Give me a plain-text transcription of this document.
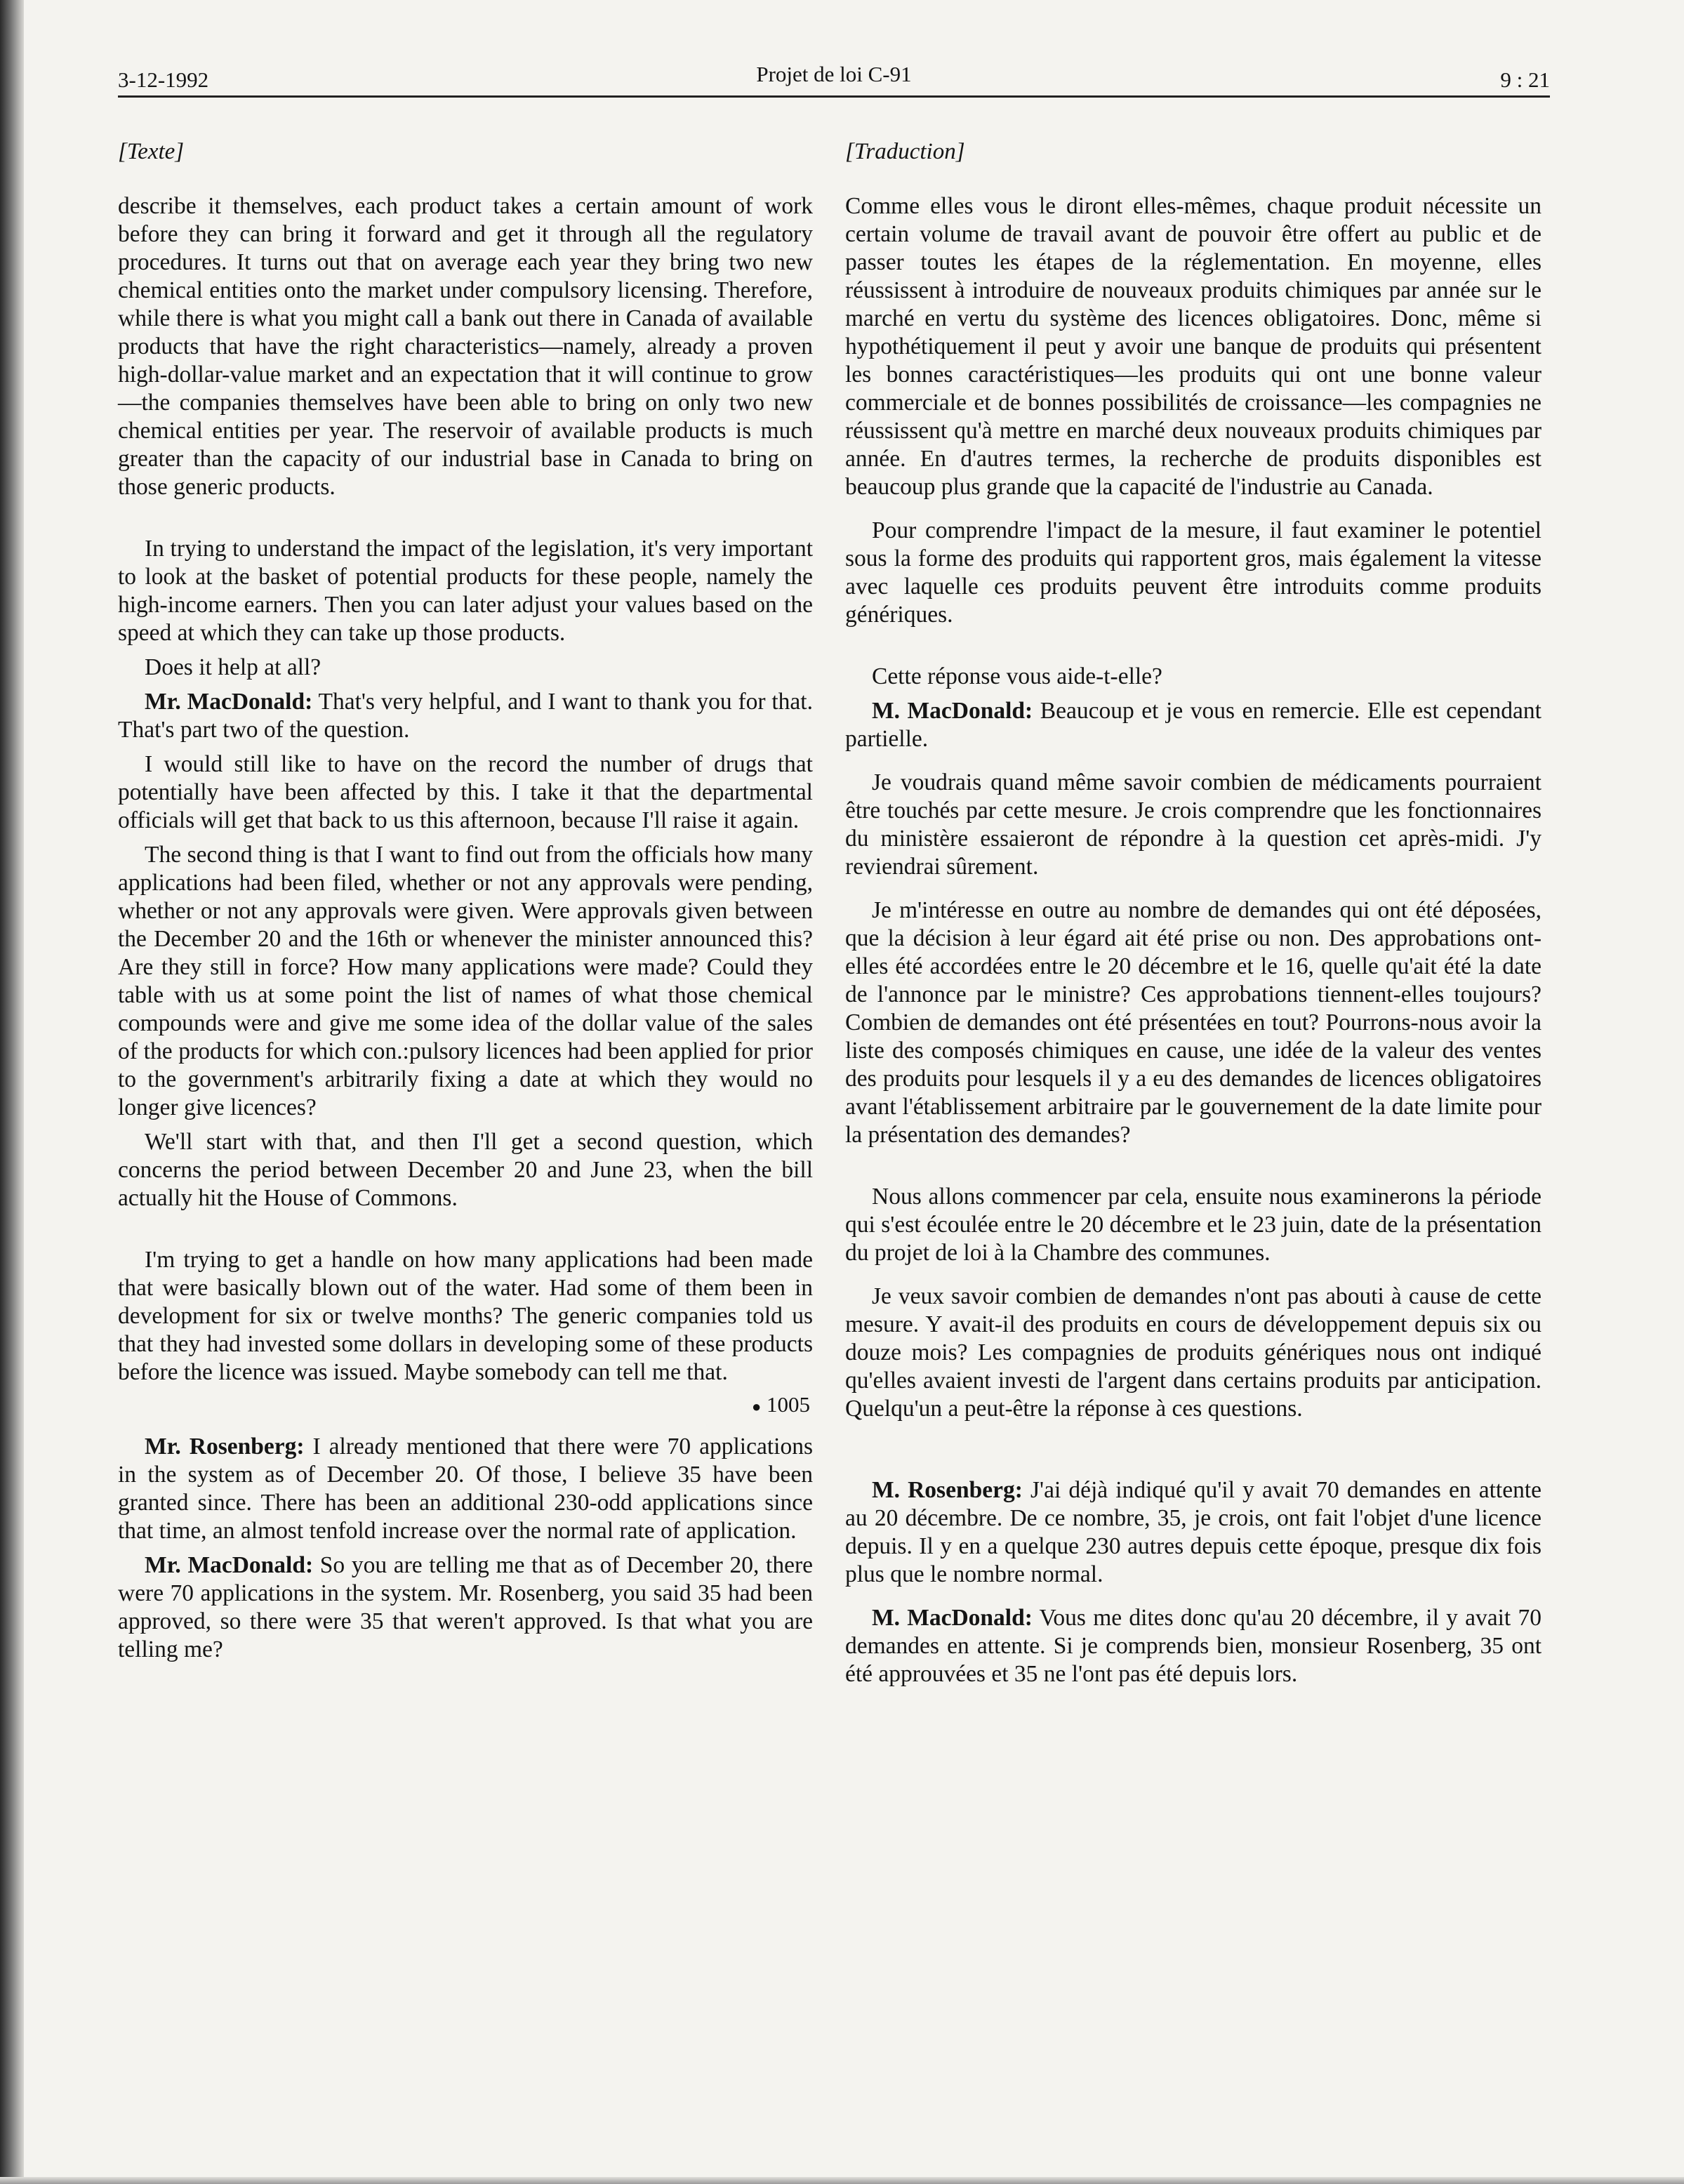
3-12-1992	Projet de loi C-91	9 : 21
[Texte]

describe it themselves, each product takes a certain amount of work before they can bring it forward and get it through all the regulatory procedures. It turns out that on average each year they bring two new chemical entities onto the market under compulsory licensing. Therefore, while there is what you might call a bank out there in Canada of available products that have the right characteristics—namely, already a proven high-dollar-value market and an expectation that it will continue to grow—the companies themselves have been able to bring on only two new chemical entities per year. The reservoir of available products is much greater than the capacity of our industrial base in Canada to bring on those generic products.

In trying to understand the impact of the legislation, it's very important to look at the basket of potential products for these people, namely the high-income earners. Then you can later adjust your values based on the speed at which they can take up those products.

Does it help at all?

Mr. MacDonald: That's very helpful, and I want to thank you for that. That's part two of the question.

I would still like to have on the record the number of drugs that potentially have been affected by this. I take it that the departmental officials will get that back to us this afternoon, because I'll raise it again.

The second thing is that I want to find out from the officials how many applications had been filed, whether or not any approvals were pending, whether or not any approvals were given. Were approvals given between the December 20 and the 16th or whenever the minister announced this? Are they still in force? How many applications were made? Could they table with us at some point the list of names of what those chemical compounds were and give me some idea of the dollar value of the sales of the products for which con.:pulsory licences had been applied for prior to the government's arbitrarily fixing a date at which they would no longer give licences?

We'll start with that, and then I'll get a second question, which concerns the period between December 20 and June 23, when the bill actually hit the House of Commons.

I'm trying to get a handle on how many applications had been made that were basically blown out of the water. Had some of them been in development for six or twelve months? The generic companies told us that they had invested some dollars in developing some of these products before the licence was issued. Maybe somebody can tell me that.

● 1005

Mr. Rosenberg: I already mentioned that there were 70 applications in the system as of December 20. Of those, I believe 35 have been granted since. There has been an additional 230-odd applications since that time, an almost tenfold increase over the normal rate of application.

Mr. MacDonald: So you are telling me that as of December 20, there were 70 applications in the system. Mr. Rosenberg, you said 35 had been approved, so there were 35 that weren't approved. Is that what you are telling me?

[Traduction]

Comme elles vous le diront elles-mêmes, chaque produit nécessite un certain volume de travail avant de pouvoir être offert au public et de passer toutes les étapes de la réglementation. En moyenne, elles réussissent à introduire de nouveaux produits chimiques par année sur le marché en vertu du système des licences obligatoires. Donc, même si hypothétiquement il peut y avoir une banque de produits qui présentent les bonnes caractéristiques—les produits qui ont une bonne valeur commerciale et de bonnes possibilités de croissance—les compagnies ne réussissent qu'à mettre en marché deux nouveaux produits chimiques par année. En d'autres termes, la recherche de produits disponibles est beaucoup plus grande que la capacité de l'industrie au Canada.

Pour comprendre l'impact de la mesure, il faut examiner le potentiel sous la forme des produits qui rapportent gros, mais également la vitesse avec laquelle ces produits peuvent être introduits comme produits génériques.

Cette réponse vous aide-t-elle?

M. MacDonald: Beaucoup et je vous en remercie. Elle est cependant partielle.

Je voudrais quand même savoir combien de médicaments pourraient être touchés par cette mesure. Je crois comprendre que les fonctionnaires du ministère essaieront de répondre à la question cet après-midi. J'y reviendrai sûrement.

Je m'intéresse en outre au nombre de demandes qui ont été déposées, que la décision à leur égard ait été prise ou non. Des approbations ont-elles été accordées entre le 20 décembre et le 16, quelle qu'ait été la date de l'annonce par le ministre? Ces approbations tiennent-elles toujours? Combien de demandes ont été présentées en tout? Pourrons-nous avoir la liste des composés chimiques en cause, une idée de la valeur des ventes des produits pour lesquels il y a eu des demandes de licences obligatoires avant l'établissement arbitraire par le gouvernement de la date limite pour la présentation des demandes?

Nous allons commencer par cela, ensuite nous examinerons la période qui s'est écoulée entre le 20 décembre et le 23 juin, date de la présentation du projet de loi à la Chambre des communes.

Je veux savoir combien de demandes n'ont pas abouti à cause de cette mesure. Y avait-il des produits en cours de développement depuis six ou douze mois? Les compagnies de produits génériques nous ont indiqué qu'elles avaient investi de l'argent dans certains produits par anticipation. Quelqu'un a peut-être la réponse à ces questions.

M. Rosenberg: J'ai déjà indiqué qu'il y avait 70 demandes en attente au 20 décembre. De ce nombre, 35, je crois, ont fait l'objet d'une licence depuis. Il y en a quelque 230 autres depuis cette époque, presque dix fois plus que le nombre normal.

M. MacDonald: Vous me dites donc qu'au 20 décembre, il y avait 70 demandes en attente. Si je comprends bien, monsieur Rosenberg, 35 ont été approuvées et 35 ne l'ont pas été depuis lors.
